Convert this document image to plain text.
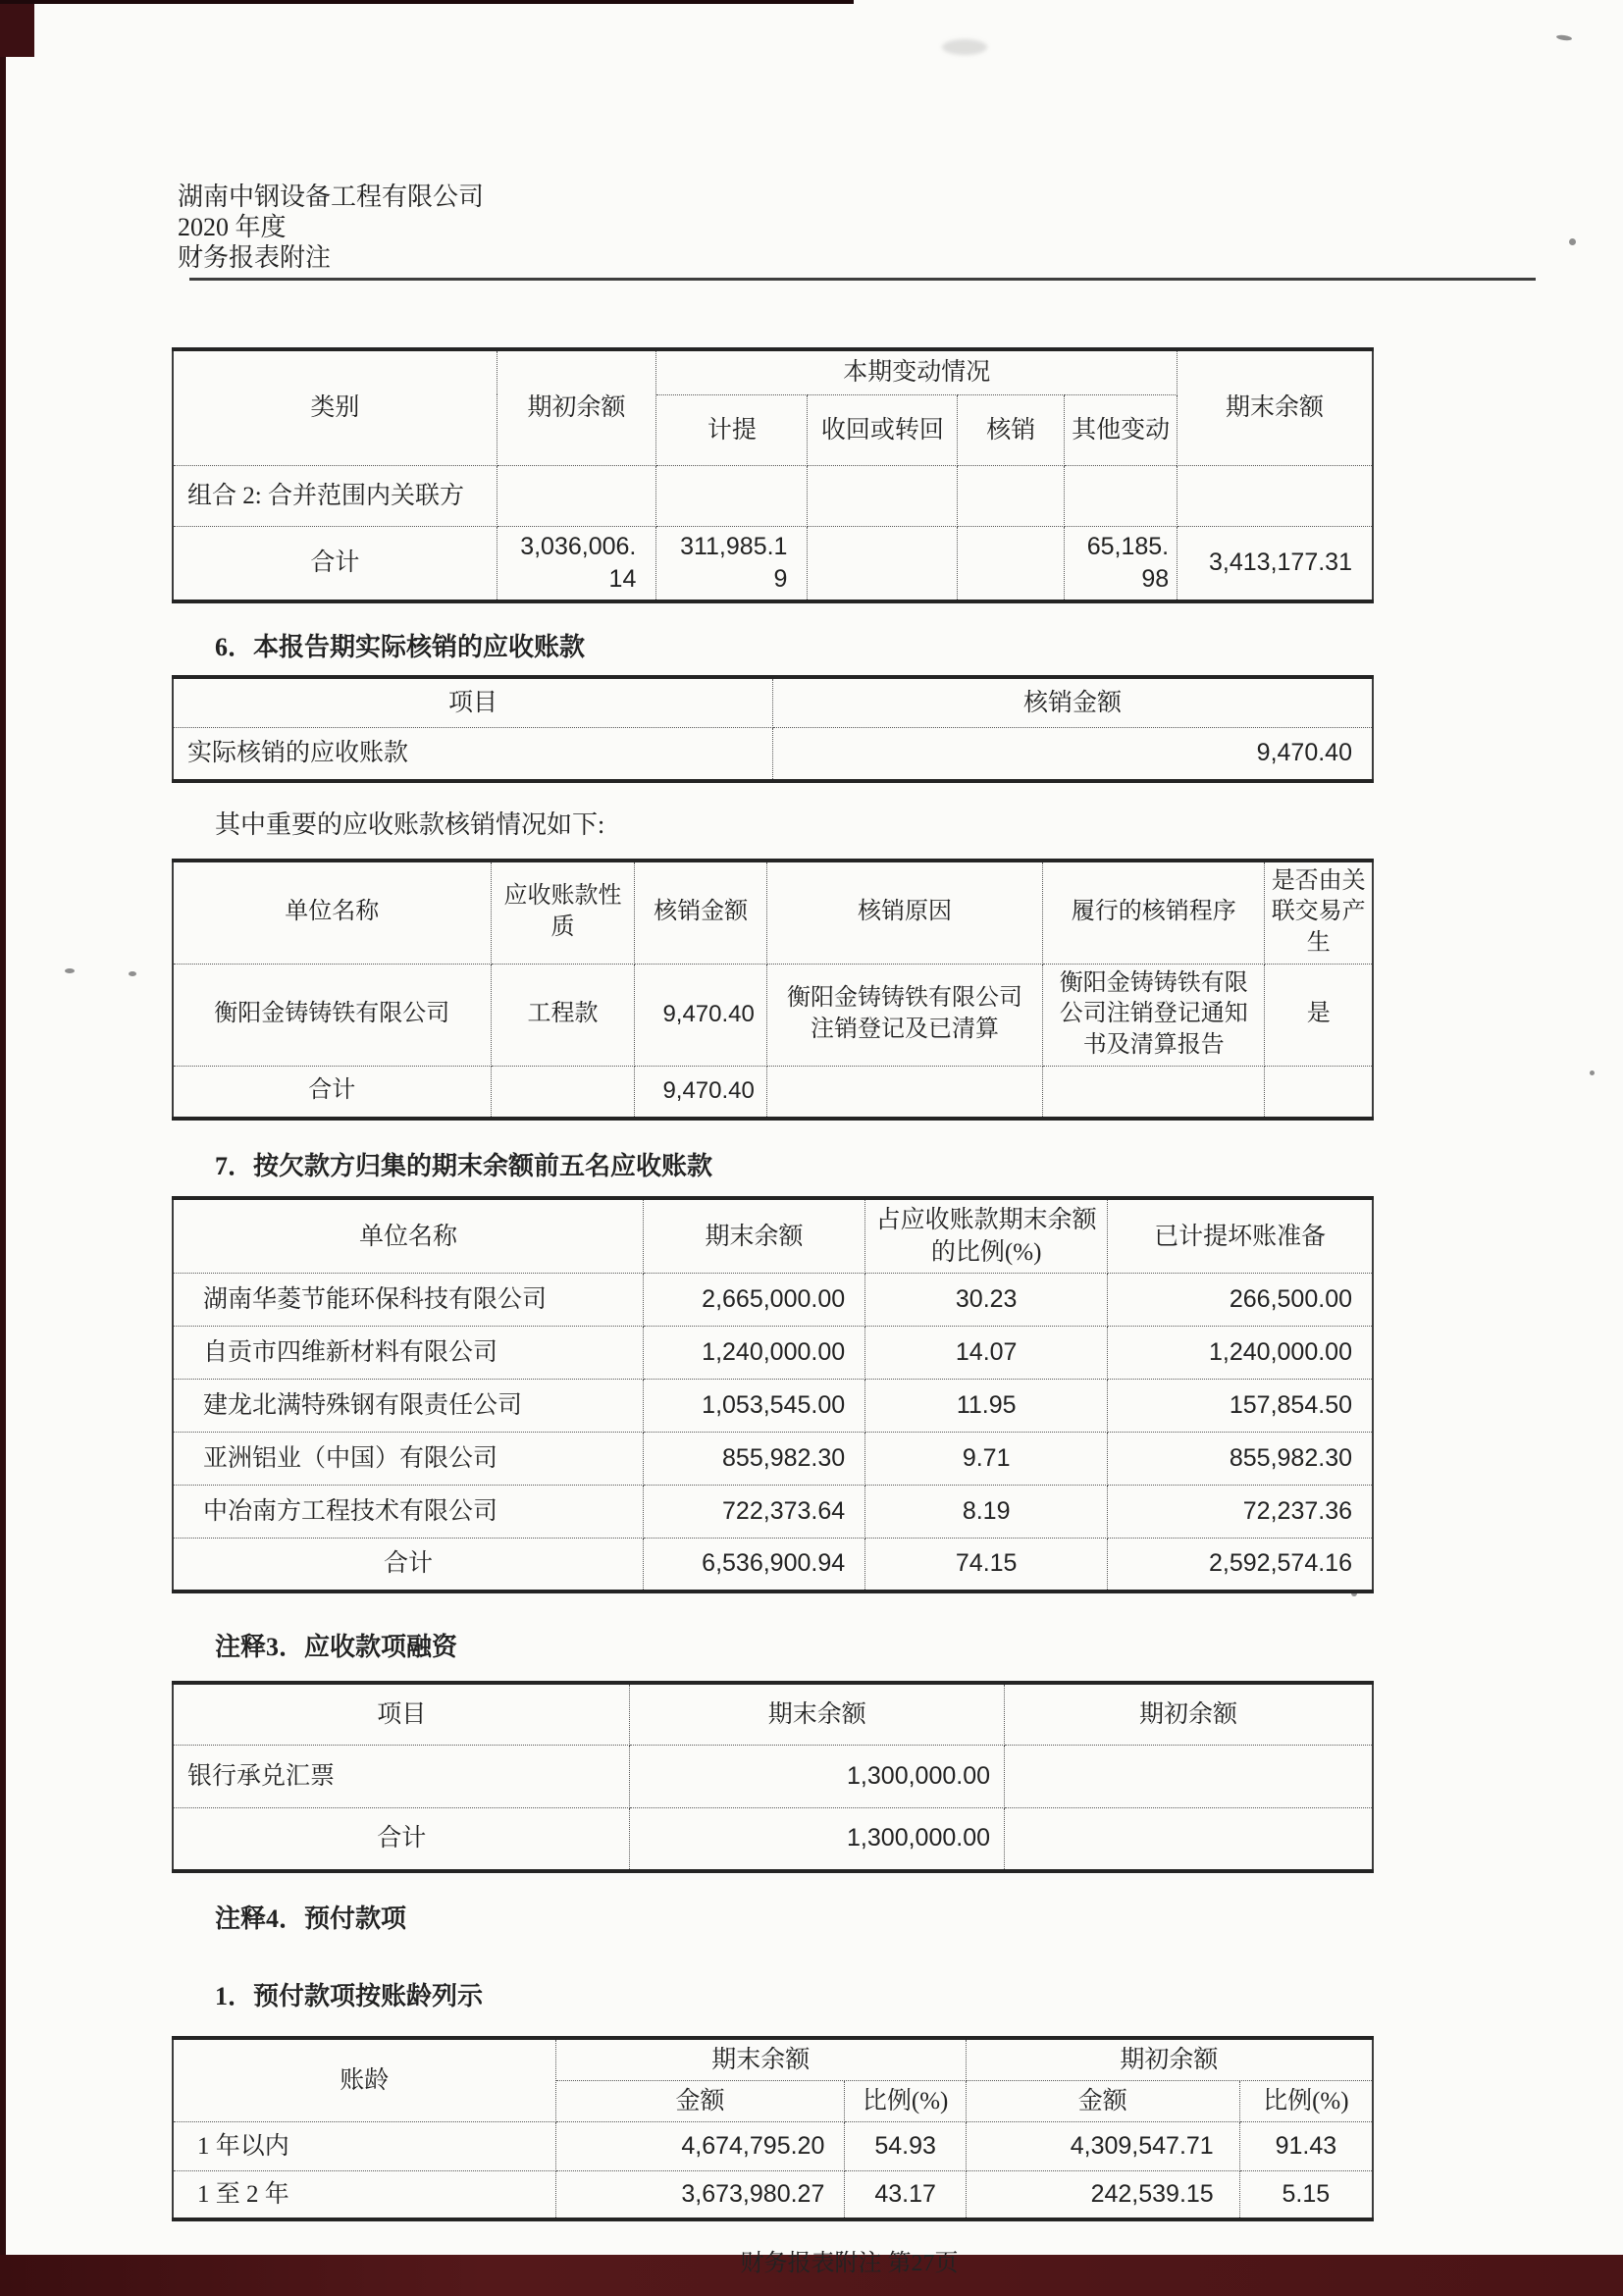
湖南中钢设备工程有限公司
2020 年度
财务报表附注
类别	期初余额	本期变动情况				期末余额
		计提	收回或转回	核销	其他变动	
组合 2: 合并范围内关联方						
合计	3,036,006.14	311,985.19			65,185.98	3,413,177.31
6．本报告期实际核销的应收账款
项目	核销金额
实际核销的应收账款	9,470.40
其中重要的应收账款核销情况如下:
单位名称	应收账款性质	核销金额	核销原因	履行的核销程序	是否由关联交易产生
衡阳金铸铸铁有限公司	工程款	9,470.40	衡阳金铸铸铁有限公司注销登记及已清算	衡阳金铸铸铁有限公司注销登记通知书及清算报告	是
合计		9,470.40			
7．按欠款方归集的期末余额前五名应收账款
单位名称	期末余额	占应收账款期末余额的比例(%)	已计提坏账准备
湖南华菱节能环保科技有限公司	2,665,000.00	30.23	266,500.00
自贡市四维新材料有限公司	1,240,000.00	14.07	1,240,000.00
建龙北满特殊钢有限责任公司	1,053,545.00	11.95	157,854.50
亚洲铝业（中国）有限公司	855,982.30	9.71	855,982.30
中冶南方工程技术有限公司	722,373.64	8.19	72,237.36
合计	6,536,900.94	74.15	2,592,574.16
注释3．应收款项融资
项目	期末余额	期初余额
银行承兑汇票	1,300,000.00	
合计	1,300,000.00	
注释4．预付款项
1．预付款项按账龄列示
账龄	期末余额		期初余额	
	金额	比例(%)	金额	比例(%)
1 年以内	4,674,795.20	54.93	4,309,547.71	91.43
1 至 2 年	3,673,980.27	43.17	242,539.15	5.15
财务报表附注 第27页
